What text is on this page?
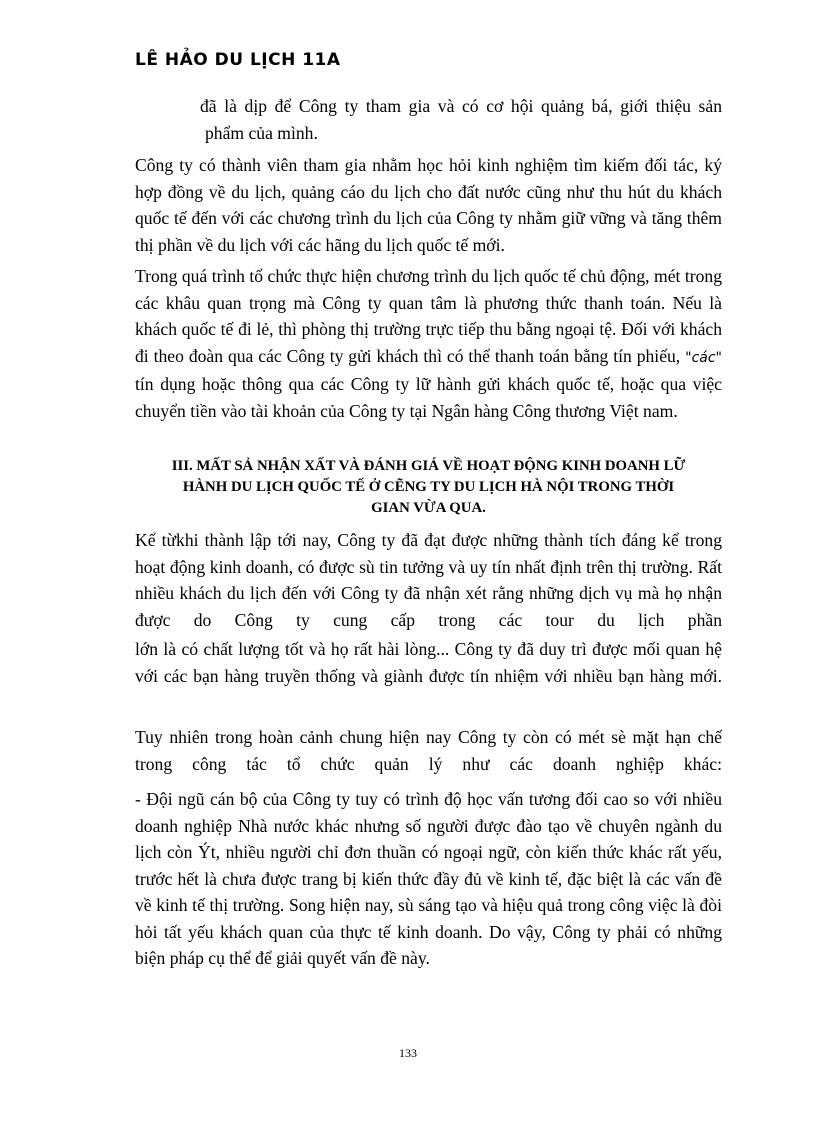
LÊ HẢO DU LỊCH 11A
đã là dịp để Công ty tham gia và có cơ hội quảng bá, giới thiệu sản
phẩm của mình.

Công ty có thành viên tham gia nhằm học hỏi kinh nghiệm tìm kiếm đối tác, ký hợp đồng về du lịch, quảng cáo du lịch cho đất nước cũng như thu hút du khách quốc tế đến với các chương trình du lịch của Công ty nhằm giữ vững và tăng thêm thị phần về du lịch với các hãng du lịch quốc tế mới.

Trong quá trình tổ chức thực hiện chương trình du lịch quốc tế chủ động, mét trong các khâu quan trọng mà Công ty quan tâm là phương thức thanh toán. Nếu là khách quốc tế đi lẻ, thì phòng thị trường trực tiếp thu bằng ngoại tệ. Đối với khách đi theo đoàn qua các Công ty gửi khách thì có thể thanh toán bằng tín phiếu, "các" tín dụng hoặc thông qua các Công ty lữ hành gửi khách quốc tế, hoặc qua việc chuyển tiền vào tài khoản của Công ty tại Ngân hàng Công thương Việt nam.

III. MẤT SẢ NHẬN XẤT VÀ ĐÁNH GIÁ VỀ HOẠT ĐỘNG KINH DOANH LỮ
HÀNH DU LỊCH QUỐC TẾ Ở CẼNG TY DU LỊCH HÀ NỘI TRONG THỜI
GIAN VỪA QUA.

Kể từkhi thành lập tới nay, Công ty đã đạt được những thành tích đáng kể trong hoạt động kinh doanh, có được sù tin tưởng và uy tín nhất định trên thị trường. Rất nhiều khách du lịch đến với Công ty đã nhận xét rằng những dịch vụ mà họ nhận được do Công ty cung cấp trong các tour du lịch phần

lớn là có chất lượng tốt và họ rất hài lòng... Công ty đã duy trì được mối quan hệ với các bạn hàng truyền thống và giành được tín nhiệm với nhiều bạn hàng mới.

Tuy nhiên trong hoàn cảnh chung hiện nay Công ty còn có mét sè mặt hạn chế trong công tác tổ chức quản lý như các doanh nghiệp khác:

- Đội ngũ cán bộ của Công ty tuy có trình độ học vấn tương đối cao so với nhiều doanh nghiệp Nhà nước khác nhưng số người được đào tạo về chuyên ngành du lịch còn Ýt, nhiều người chỉ đơn thuần có ngoại ngữ, còn kiến thức khác rất yếu, trước hết là chưa được trang bị kiến thức đầy đủ về kinh tế, đặc biệt là các vấn đề về kinh tế thị trường. Song hiện nay, sù sáng tạo và hiệu quả trong công việc là đòi hỏi tất yếu khách quan của thực tế kinh doanh. Do vậy, Công ty phải có những biện pháp cụ thể để giải quyết vấn đề này.

133
